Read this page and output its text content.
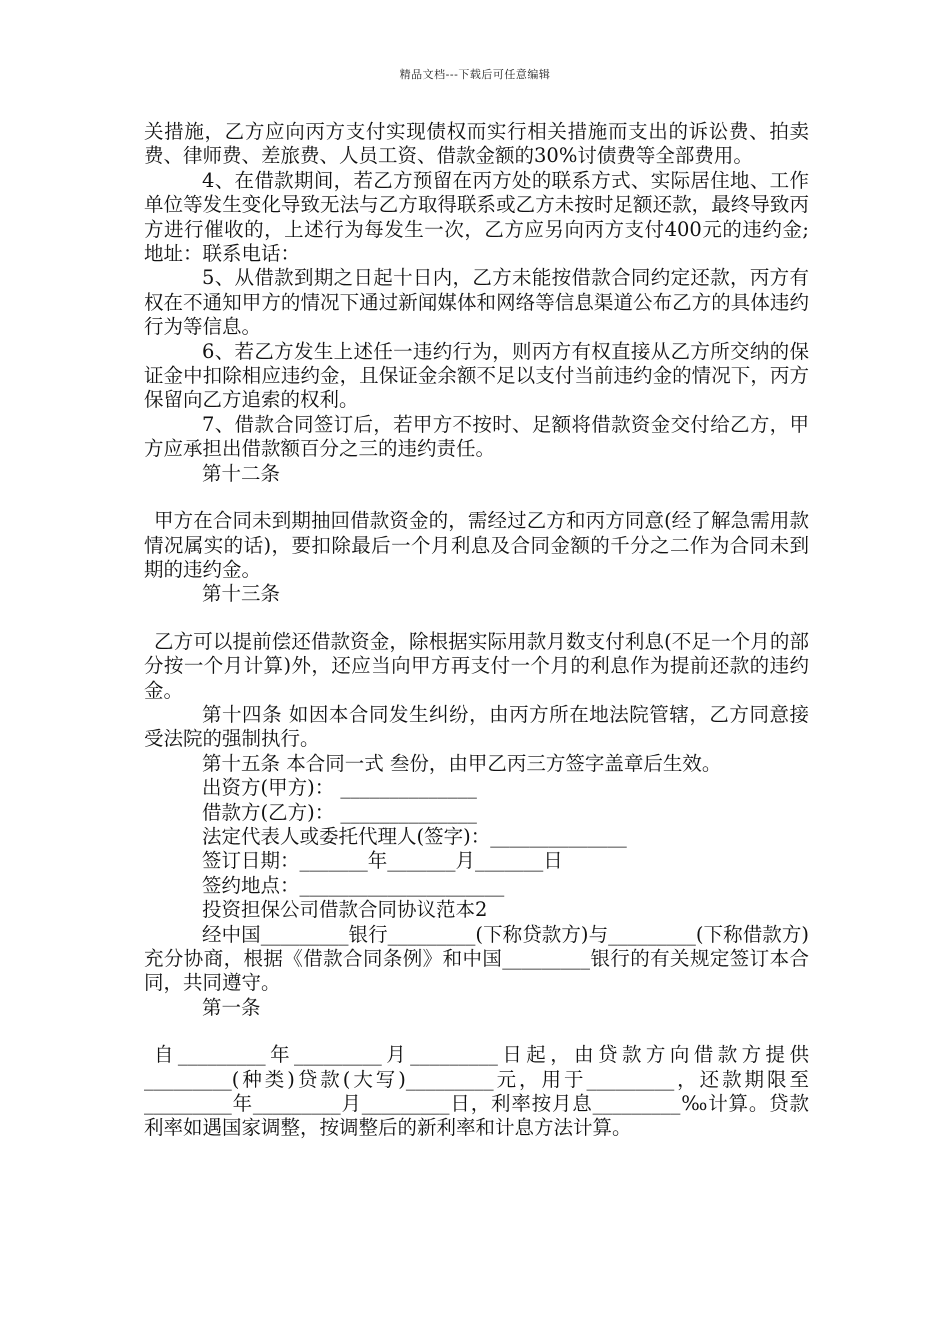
精品文档---下载后可任意编辑

关措施，乙方应向丙方支付实现债权而实行相关措施而支出的诉讼费、拍卖费、律师费、差旅费、人员工资、借款金额的30%讨债费等全部费用。

4、在借款期间，若乙方预留在丙方处的联系方式、实际居住地、工作单位等发生变化导致无法与乙方取得联系或乙方未按时足额还款，最终导致丙方进行催收的，上述行为每发生一次，乙方应另向丙方支付400元的违约金;地址：联系电话：

5、从借款到期之日起十日内，乙方未能按借款合同约定还款，丙方有权在不通知甲方的情况下通过新闻媒体和网络等信息渠道公布乙方的具体违约行为等信息。

6、若乙方发生上述任一违约行为，则丙方有权直接从乙方所交纳的保证金中扣除相应违约金，且保证金余额不足以支付当前违约金的情况下，丙方保留向乙方追索的权利。

7、借款合同签订后，若甲方不按时、足额将借款资金交付给乙方，甲方应承担出借款额百分之三的违约责任。

第十二条

甲方在合同未到期抽回借款资金的，需经过乙方和丙方同意(经了解急需用款情况属实的话)，要扣除最后一个月利息及合同金额的千分之二作为合同未到期的违约金。

第十三条

乙方可以提前偿还借款资金，除根据实际用款月数支付利息(不足一个月的部分按一个月计算)外，还应当向甲方再支付一个月的利息作为提前还款的违约金。

第十四条 如因本合同发生纠纷，由丙方所在地法院管辖，乙方同意接受法院的强制执行。

第十五条 本合同一式 叁份，由甲乙丙三方签字盖章后生效。

出资方(甲方)： ______________

借款方(乙方)： ______________

法定代表人或委托代理人(签字)：______________

签订日期：_______年_______月_______日

签约地点：_____________________

投资担保公司借款合同协议范本2

经中国_________银行_________(下称贷款方)与_________(下称借款方)充分协商，根据《借款合同条例》和中国_________银行的有关规定签订本合同，共同遵守。

第一条

自_________年_________月_________日起，由贷款方向借款方提供_________(种类)贷款(大写)_________元，用于_________，还款期限至_________年_________月_________日，利率按月息_________‰计算。贷款利率如遇国家调整，按调整后的新利率和计息方法计算。
